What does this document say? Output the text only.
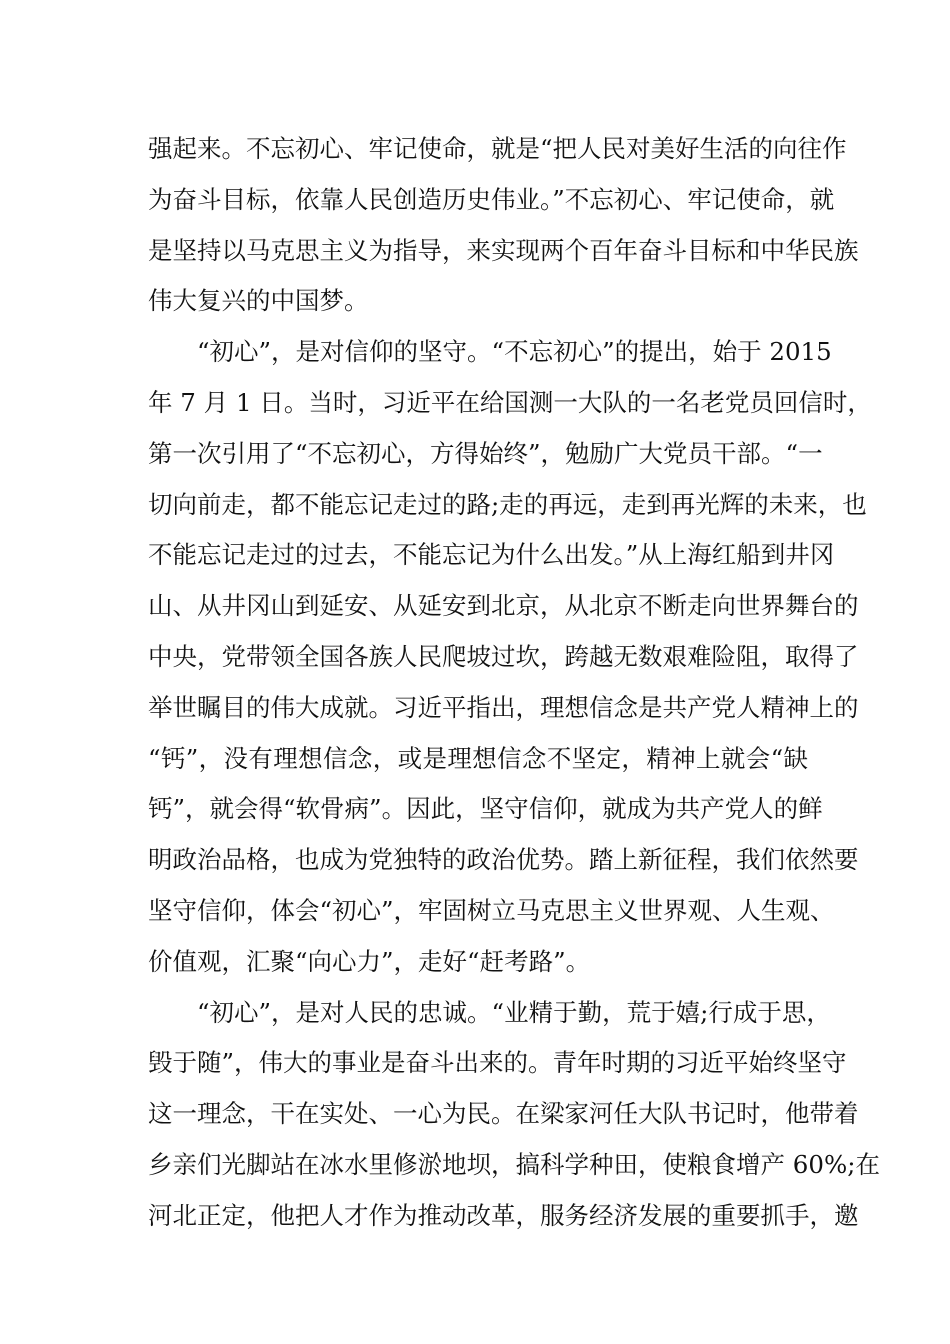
强起来。不忘初心、牢记使命，就是“把人民对美好生活的向往作
为奋斗目标，依靠人民创造历史伟业。”不忘初心、牢记使命，就
是坚持以马克思主义为指导，来实现两个百年奋斗目标和中华民族
伟大复兴的中国梦。
“初心”，是对信仰的坚守。“不忘初心”的提出，始于 2015
年 7 月 1 日。当时，习近平在给国测一大队的一名老党员回信时，
第一次引用了“不忘初心，方得始终”，勉励广大党员干部。“一
切向前走，都不能忘记走过的路;走的再远，走到再光辉的未来，也
不能忘记走过的过去，不能忘记为什么出发。”从上海红船到井冈
山、从井冈山到延安、从延安到北京，从北京不断走向世界舞台的
中央，党带领全国各族人民爬坡过坎，跨越无数艰难险阻，取得了
举世瞩目的伟大成就。习近平指出，理想信念是共产党人精神上的
“钙”，没有理想信念，或是理想信念不坚定，精神上就会“缺
钙”，就会得“软骨病”。因此，坚守信仰，就成为共产党人的鲜
明政治品格，也成为党独特的政治优势。踏上新征程，我们依然要
坚守信仰，体会“初心”，牢固树立马克思主义世界观、人生观、
价值观，汇聚“向心力”，走好“赶考路”。
“初心”，是对人民的忠诚。“业精于勤，荒于嬉;行成于思，
毁于随”，伟大的事业是奋斗出来的。青年时期的习近平始终坚守
这一理念，干在实处、一心为民。在梁家河任大队书记时，他带着
乡亲们光脚站在冰水里修淤地坝，搞科学种田，使粮食增产 60%;在
河北正定，他把人才作为推动改革，服务经济发展的重要抓手，邀
